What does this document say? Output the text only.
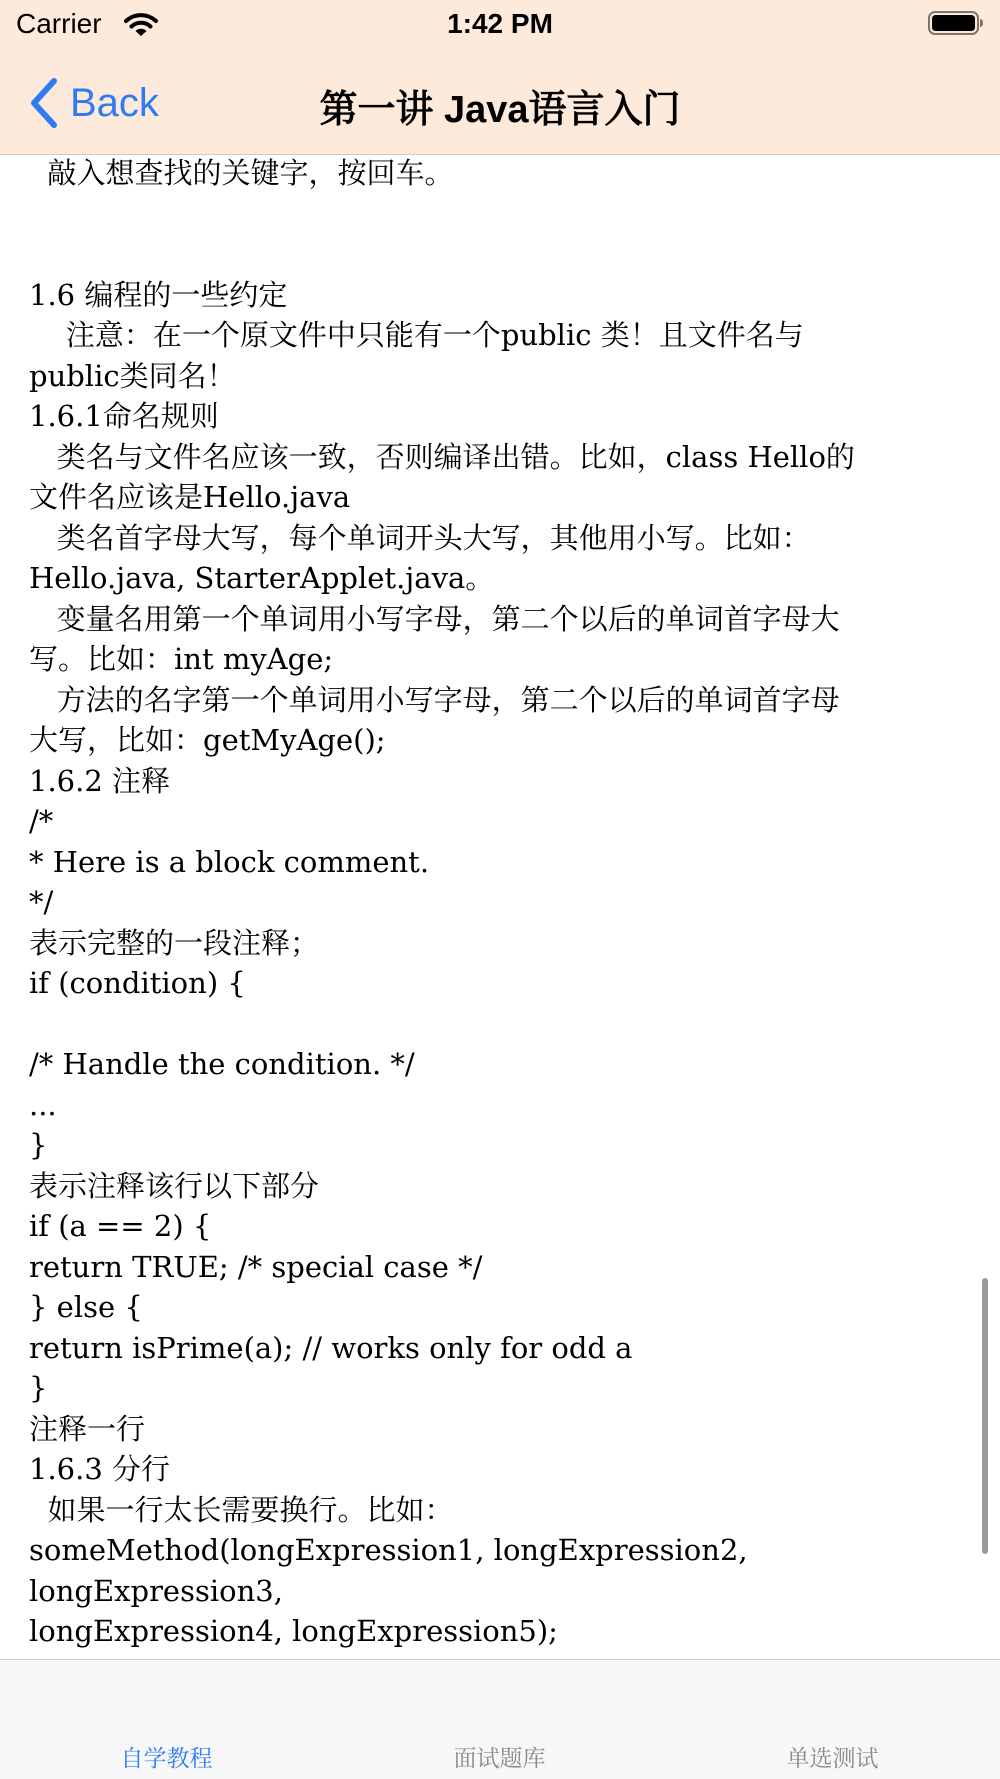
Carrier	1:42 PM
Back	第一讲 Java语言入门
敲入想查找的关键字，按回车。

1.6 编程的一些约定
注意：在一个原文件中只能有一个public 类！且文件名与
public类同名！
1.6.1命名规则
类名与文件名应该一致，否则编译出错。比如，class Hello的
文件名应该是Hello.java
类名首字母大写，每个单词开头大写，其他用小写。比如：
Hello.java, StarterApplet.java。
变量名用第一个单词用小写字母，第二个以后的单词首字母大
写。比如：int myAge;
方法的名字第一个单词用小写字母，第二个以后的单词首字母
大写，比如：getMyAge();
1.6.2 注释
/*
* Here is a block comment.
*/
表示完整的一段注释；
if (condition) {

/* Handle the condition. */
...
}
表示注释该行以下部分
if (a == 2) {
return TRUE; /* special case */
} else {
return isPrime(a); // works only for odd a
}
注释一行
1.6.3 分行
如果一行太长需要换行。比如：
someMethod(longExpression1, longExpression2, longExpression3,
longExpression4, longExpression5);

自学教程	面试题库	单选测试
